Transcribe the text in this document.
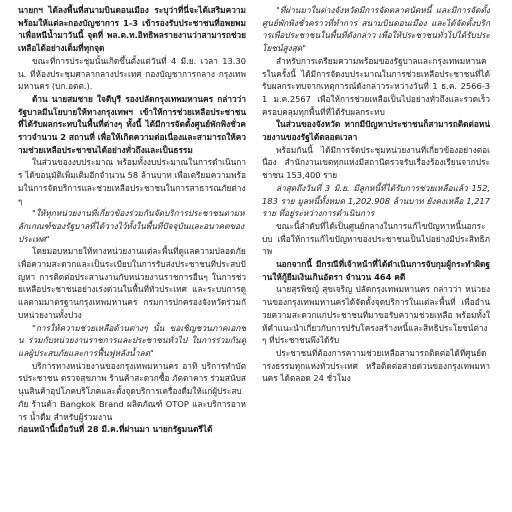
นายกฯ ได้ลงพื้นที่สนามบินดอนเมือง ระบุว่าที่นี่จะได้เสริมความพร้อมให้แต่ละกองบัญชาการ 1-3 เข้ารองรับประชาชนที่อพยพมาเพื่อหนีน้ำมาวันนี้ จุดที่ พล.ต.ท.อิทธิพลรายงานว่าสามารถช่วยเหลือได้อย่างเต็มที่ทุกจุด

ขณะที่การประชุมนั้นเกิดขึ้นตั้งแต่วันที่ 4 มี.ย. เวลา 13.30 น. ที่ห้องประชุมศาลากลางประเทศ กองบัญชาการกลาง กรุงเทพมหานคร (บก.อตต.).

ด้าน นายสมชาย ใจดีบุรี รองปลัดกรุงเทพมหานคร กล่าวว่า รัฐบาลมีนโยบายให้ทางกรุงเทพฯ เข้าให้การช่วยเหลือประชาชนที่ได้รับผลกระทบในพื้นที่ต่างๆ ทั้งนี้ ได้มีการจัดตั้งศูนย์พักพิงชั่วคราวจำนวน 2 สถานที่ เพื่อให้เกิดความต่อเนื่องและสามารถให้ความช่วยเหลือประชาชนได้อย่างทั่วถึงและเป็นธรรม

ในส่วนของงบประมาณ พร้อมทั้งงบประมาณในการดำเนินการ ได้ขอนุมัติเพิ่มเติมอีกจำนวน 58 ล้านบาท เพื่อเตรียมความพร้อมในการจัดบริการและช่วยเหลือประชาชนในการสาธารณภัยต่างๆ

"ให้ทุกหน่วยงานที่เกี่ยวข้องร่วมกันจัดบริการประชาชนตามหลักเกณฑ์ของรัฐบาลที่ได้วางไว้ทั้งในพื้นที่ปัจจุบันและอนาคตของประเทศ"

โดยมอบหมายให้ทางหน่วยงานแต่ละพื้นที่ดูแลความปลอดภัย เพื่อความสะดวกและเป็นระเบียบในการรับส่งประชาชนที่ประสบปัญหา การติดต่อประสานงานกับหน่วยงานราชการอื่นๆ ในการช่วยเหลือประชาชนอย่างเร่งด่วนในพื้นที่ทั่วประเทศ และระบบการดูแลตามมาตรฐานกรุงเทพมหานคร กรมการปกครองจังหวัดร่วมกับหน่วยงานทั้งปวง

"การให้ความช่วยเหลือด้านต่างๆ นั้น ขอเชิญชวนภาคเอกชน ร่วมกับหน่วยงานราชการและประชาชนทั่วไป ในการร่วมกันดูแลผู้ประสบภัยและการฟื้นฟูหลังน้ำลด"

บริการทางหน่วยงานของกรุงเทพมหานคร อาทิ บริการทำบัตรประชาชน ตรวจสุขภาพ ร้านค้าสะดวกซื้อ ภัตตาคาร ร่วมสนับสนุนสินค้าอุปโภคบริโภคและตั้งจุดบริการเครื่องดื่มให้แก่ผู้ประสบภัย ร้านค้า Bangkok Brand ผลิตภัณฑ์ OTOP และบริการอาหาร น้ำดื่ม สำหรับผู้ร่วมงาน

ก่อนหน้านี้เมื่อวันที่ 28 มี.ค.ที่ผ่านมา นายกรัฐมนตรีได้

"ที่ผ่านมาในต่างจังหวัดมีการจัดตลาดนัดหนี้ และมีการจัดตั้งศูนย์พักพิงชั่วคราวที่ทำการ สนามบินดอนเมือง และได้จัดตั้งบริการเพื่อประชาชนในพื้นที่ดังกล่าว เพื่อให้ประชาชนทั่วไปได้รับประโยชน์สูงสุด"

สำหรับการเตรียมความพร้อมของรัฐบาลและกรุงเทพมหานครในครั้งนี้ ได้มีการจัดงบประมาณในการช่วยเหลือประชาชนที่ได้รับผลกระทบจากเหตุการณ์ดังกล่าวระหว่างวันที่ 1 ธ.ค. 2566-31 ม.ค.2567 เพื่อให้การช่วยเหลือเป็นไปอย่างทั่วถึงและรวดเร็ว ครอบคลุมทุกพื้นที่ที่ได้รับผลกระทบ

ในส่วนของจังหวัด หากมีปัญหาประชาชนก็สามารถติดต่อหน่วยงานของรัฐได้ตลอดเวลา

พร้อมกันนี้ ได้มีการจัดประชุมหน่วยงานที่เกี่ยวข้องอย่างต่อเนื่อง สำนักงานเขตทุกแห่งมีสถานีตรวจรับเรื่องร้องเรียนจากประชาชน 153,400 ราย

ล่าสุดถึงวันที่ 3 มิ.ย. มีลูกหนี้ที่ได้รับการช่วยเหลือแล้ว 152,183 ราย มูลหนี้ทั้งหมด 1,202.908 ล้านบาท ยังคงเหลือ 1,217 ราย ที่อยู่ระหว่างการดำเนินการ

ขณะนี้ลำดับที่ได้เป็นศูนย์กลางในการแก้ไขปัญหาหนี้นอกระบบ เพื่อให้การแก้ไขปัญหาของประชาชนเป็นไปอย่างมีประสิทธิภาพ

นอกจากนี้ มีกรณีที่เจ้าหน้าที่ได้ดำเนินการจับกุมผู้กระทำผิดฐานให้กู้ยืมเงินเกินอัตรา จำนวน 464 คดี

นายสุรพิชญ์ สุขเจริญ ปลัดกรุงเทพมหานคร กล่าวว่า หน่วยงานของกรุงเทพมหานครได้จัดตั้งจุดบริการในแต่ละพื้นที่ เพื่ออำนวยความสะดวกแก่ประชาชนที่มาขอรับความช่วยเหลือ พร้อมทั้งให้คำแนะนำเกี่ยวกับการปรับโครงสร้างหนี้และสิทธิประโยชน์ต่างๆ ที่ประชาชนพึงได้รับ

ประชาชนที่ต้องการความช่วยเหลือสามารถติดต่อได้ที่ศูนย์ดำรงธรรมทุกแห่งทั่วประเทศ หรือติดต่อสายด่วนของกรุงเทพมหานคร ได้ตลอด 24 ชั่วโมง
